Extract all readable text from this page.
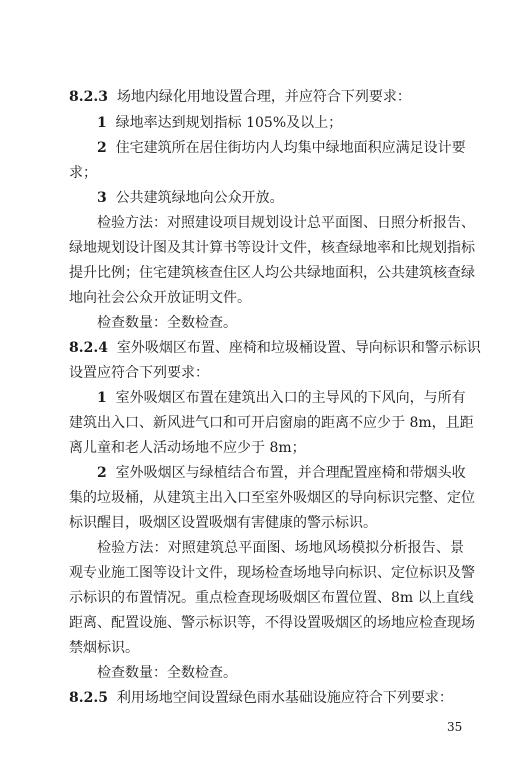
8.2.3 场地内绿化用地设置合理，并应符合下列要求：
1 绿地率达到规划指标 105%及以上；
2 住宅建筑所在居住街坊内人均集中绿地面积应满足设计要
求；
3 公共建筑绿地向公众开放。
检验方法：对照建设项目规划设计总平面图、日照分析报告、
绿地规划设计图及其计算书等设计文件，核查绿地率和比规划指标
提升比例；住宅建筑核查住区人均公共绿地面积，公共建筑核查绿
地向社会公众开放证明文件。
检查数量：全数检查。
8.2.4 室外吸烟区布置、座椅和垃圾桶设置、导向标识和警示标识
设置应符合下列要求：
1 室外吸烟区布置在建筑出入口的主导风的下风向，与所有
建筑出入口、新风进气口和可开启窗扇的距离不应少于 8m，且距
离儿童和老人活动场地不应少于 8m；
2 室外吸烟区与绿植结合布置，并合理配置座椅和带烟头收
集的垃圾桶，从建筑主出入口至室外吸烟区的导向标识完整、定位
标识醒目，吸烟区设置吸烟有害健康的警示标识。
检验方法：对照建筑总平面图、场地风场模拟分析报告、景
观专业施工图等设计文件，现场检查场地导向标识、定位标识及警
示标识的布置情况。重点检查现场吸烟区布置位置、8m 以上直线
距离、配置设施、警示标识等，不得设置吸烟区的场地应检查现场
禁烟标识。
检查数量：全数检查。
8.2.5 利用场地空间设置绿色雨水基础设施应符合下列要求：
35
